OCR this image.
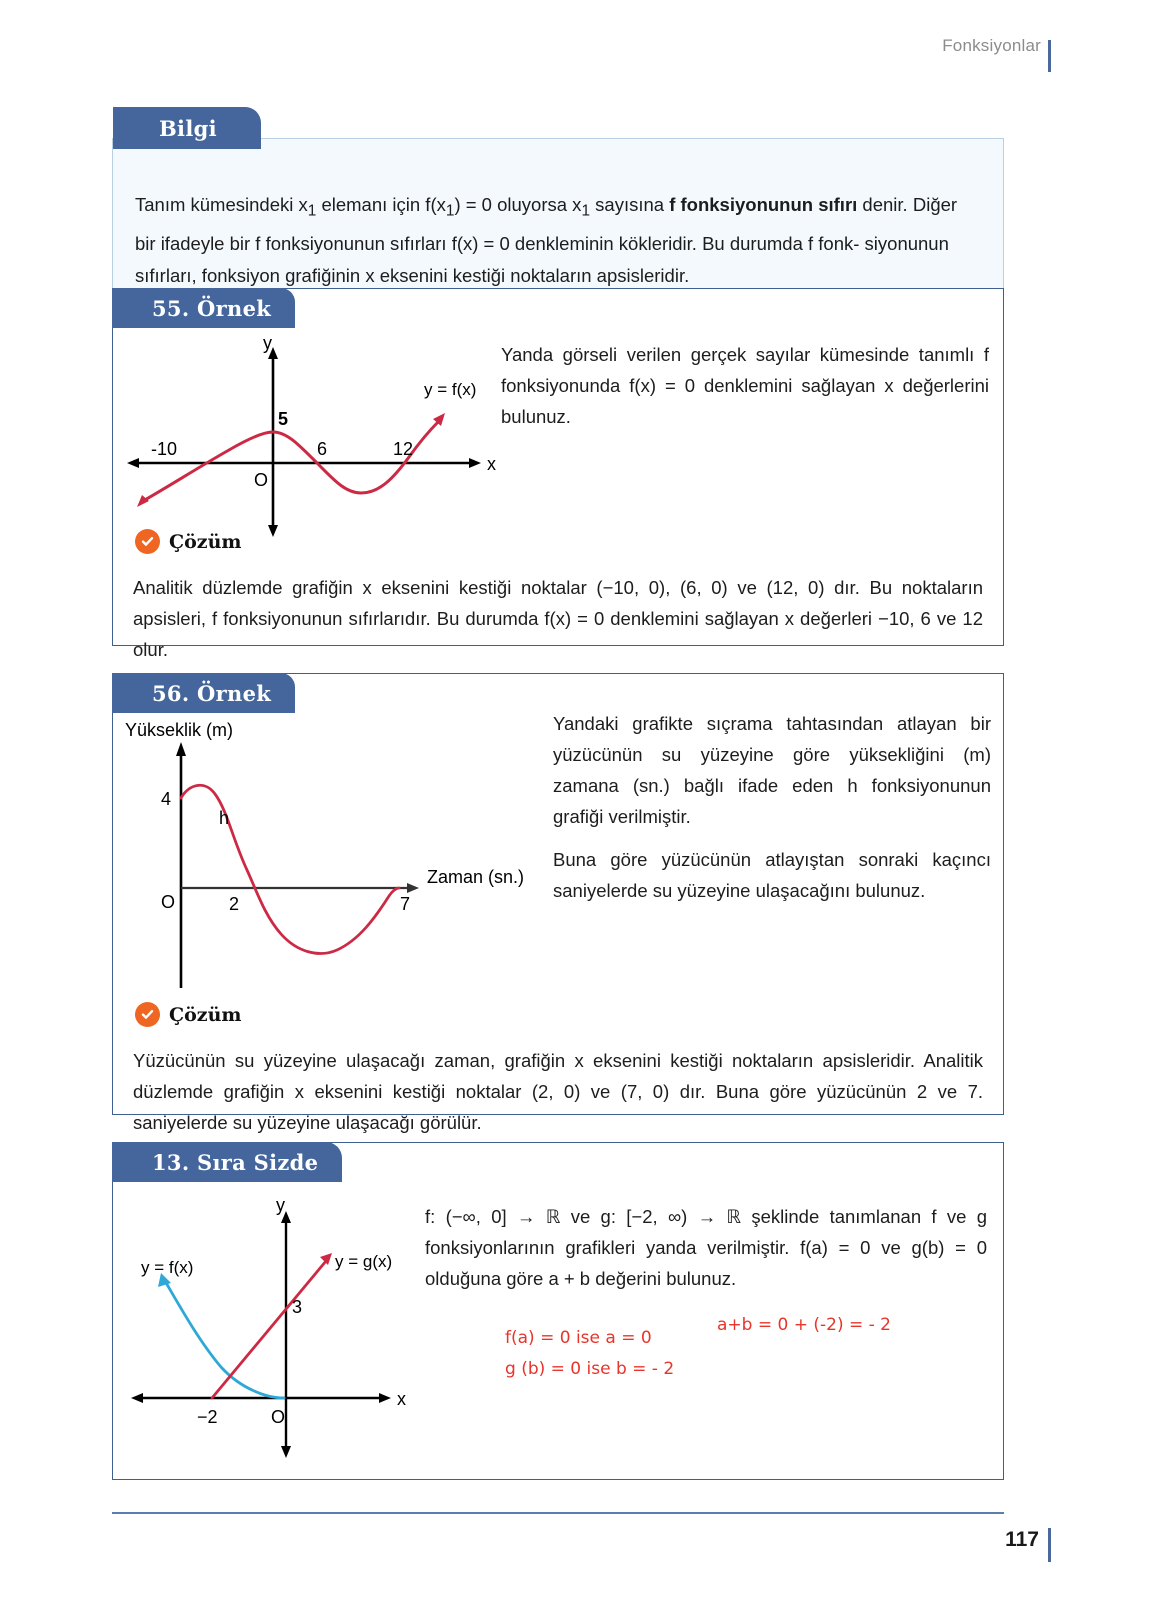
Fonksiyonlar
Bilgi

Tanım kümesindeki $x_1$ elemanı için $f(x_1) = 0$ oluyorsa $x_1$ sayısına f fonksiyonunun sıfırı denir. Diğer bir ifadeyle bir f fonksiyonunun sıfırları f(x) = 0 denkleminin kökleridir. Bu durumda f fonk- siyonunun sıfırları, fonksiyon grafiğinin x eksenini kestiği noktaların apsisleridir.

55. Örnek
y
x
O
5
-10	6	12
y = f(x)
Yanda görseli verilen gerçek sayılar kümesinde tanımlı f fonksiyonunda f(x) = 0 denklemini sağlayan x değerlerini bulunuz.
Çözüm
Analitik düzlemde grafiğin x eksenini kestiği noktalar (−10, 0), (6, 0) ve (12, 0) dır. Bu noktaların apsisleri, f fonksiyonunun sıfırlarıdır. Bu durumda f(x) = 0 denklemini sağlayan x değerleri −10, 6 ve 12 olur.
56. Örnek
Yükseklik (m)
Zaman (sn.)
O
4
h
2	7
Yandaki grafikte sıçrama tahtasından atlayan bir yüzücünün su yüzeyine göre yüksekliğini (m) zamana (sn.) bağlı ifade eden h fonksiyonunun grafiği verilmiştir.
Buna göre yüzücünün atlayıştan sonraki kaçıncı saniyelerde su yüzeyine ulaşacağını bulunuz.
Çözüm
Yüzücünün su yüzeyine ulaşacağı zaman, grafiğin x eksenini kestiği noktaların apsisleridir. Analitik düzlemde grafiğin x eksenini kestiği noktalar (2, 0) ve (7, 0) dır. Buna göre yüzücünün 2 ve 7. saniyelerde su yüzeyine ulaşacağı görülür.
13. Sıra Sizde
y
x
O
3
−2
y = f(x)	y = g(x)
f: (−∞, 0] → ℝ ve g: [−2, ∞) → ℝ şeklinde tanımlanan f ve g fonksiyonlarının grafikleri yanda verilmiştir. f(a) = 0 ve g(b) = 0 olduğuna göre a + b değerini bulunuz.
f(a) = 0 ise a = 0
g (b) = 0 ise b = - 2
a+b = 0 + (-2) = - 2
117
